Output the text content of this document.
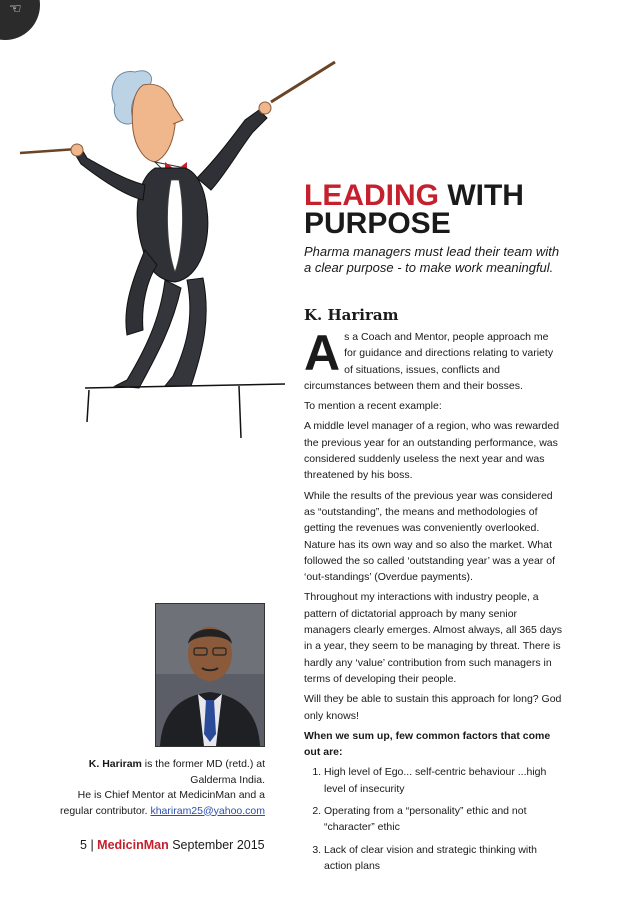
☜
LEADING WITH
PURPOSE
Pharma managers must lead their team with
a clear purpose - to make work meaningful.
K. Hariram

As a Coach and Mentor, people approach me for guidance and directions relating to variety of situations, issues, conflicts and circumstances between them and their bosses.

To mention a recent example:

A middle level manager of a region, who was rewarded the previous year for an outstanding performance, was considered suddenly useless the next year and was threatened by his boss.

While the results of the previous year was considered as “outstanding”, the means and methodologies of getting the revenues was conveniently overlooked. Nature has its own way and so also the market. What followed the so called ‘outstanding year’ was a year of ‘out-standings’ (Overdue payments).

Throughout my interactions with industry people, a pattern of dictatorial approach by many senior managers clearly emerges. Almost always, all 365 days in a year, they seem to be managing by threat. There is hardly any ‘value’ contribution from such managers in terms of developing their people.

Will they be able to sustain this approach for long? God only knows!

When we sum up, few common factors that come out are:

1. High level of Ego... self-centric behaviour ...high level of insecurity
2. Operating from a “personality” ethic and not “character” ethic
3. Lack of clear vision and strategic thinking with action plans
K. Hariram is the former MD (retd.) at
Galderma India.
He is Chief Mentor at MedicinMan and a
regular contributor. khariram25@yahoo.com
5 | MedicinMan September 2015
